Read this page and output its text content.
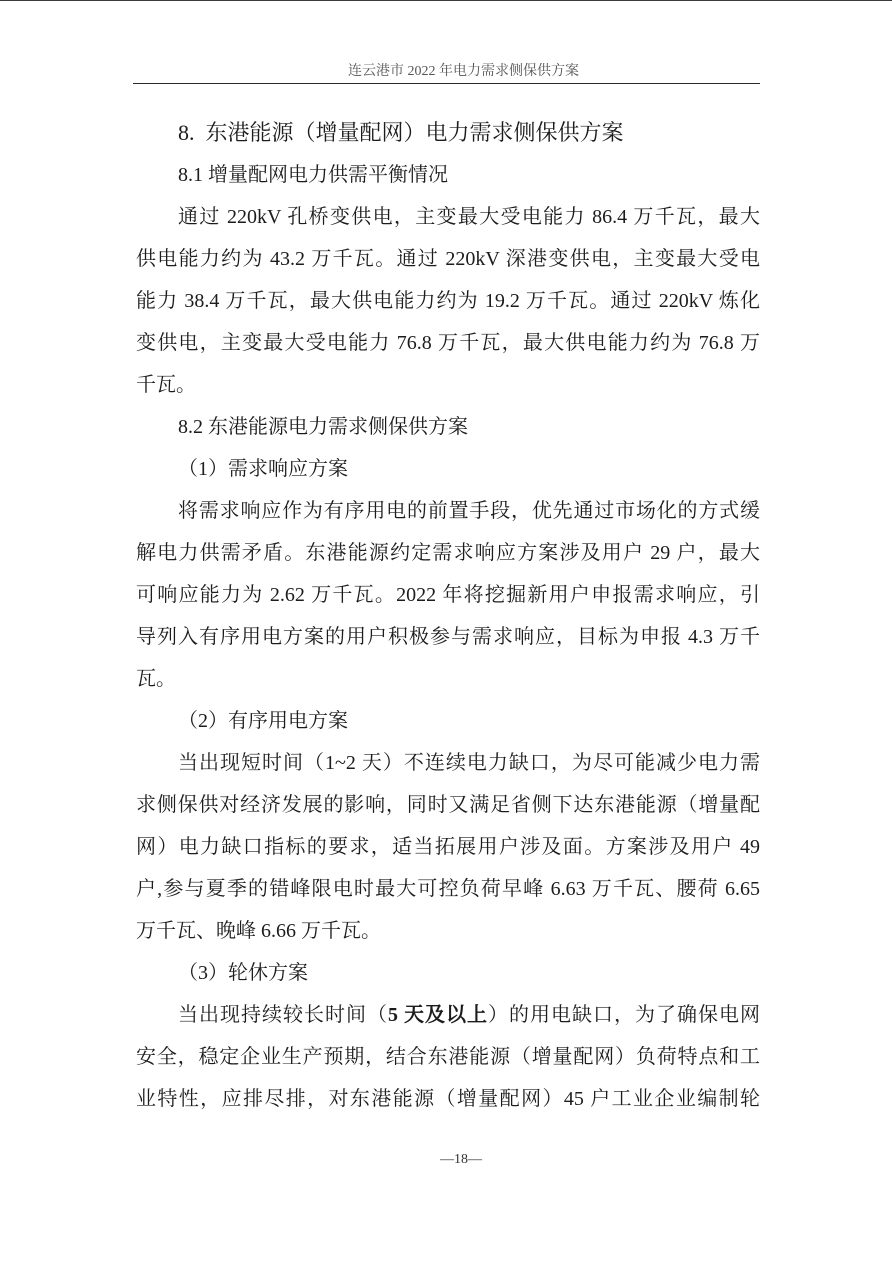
连云港市 2022 年电力需求侧保供方案
8.  东港能源（增量配网）电力需求侧保供方案
8.1 增量配网电力供需平衡情况
通过 220kV 孔桥变供电，主变最大受电能力 86.4 万千瓦，最大
供电能力约为 43.2 万千瓦。通过 220kV 深港变供电，主变最大受电
能力 38.4 万千瓦，最大供电能力约为 19.2 万千瓦。通过 220kV 炼化
变供电，主变最大受电能力 76.8 万千瓦，最大供电能力约为 76.8 万
千瓦。
8.2 东港能源电力需求侧保供方案
（1）需求响应方案
将需求响应作为有序用电的前置手段，优先通过市场化的方式缓
解电力供需矛盾。东港能源约定需求响应方案涉及用户 29 户，最大
可响应能力为 2.62 万千瓦。2022 年将挖掘新用户申报需求响应，引
导列入有序用电方案的用户积极参与需求响应，目标为申报 4.3 万千
瓦。
（2）有序用电方案
当出现短时间（1~2 天）不连续电力缺口，为尽可能减少电力需
求侧保供对经济发展的影响，同时又满足省侧下达东港能源（增量配
网）电力缺口指标的要求，适当拓展用户涉及面。方案涉及用户 49
户,参与夏季的错峰限电时最大可控负荷早峰 6.63 万千瓦、腰荷 6.65
万千瓦、晚峰 6.66 万千瓦。
（3）轮休方案
当出现持续较长时间（5 天及以上）的用电缺口，为了确保电网
安全，稳定企业生产预期，结合东港能源（增量配网）负荷特点和工
业特性，应排尽排，对东港能源（增量配网）45 户工业企业编制轮
—18—
